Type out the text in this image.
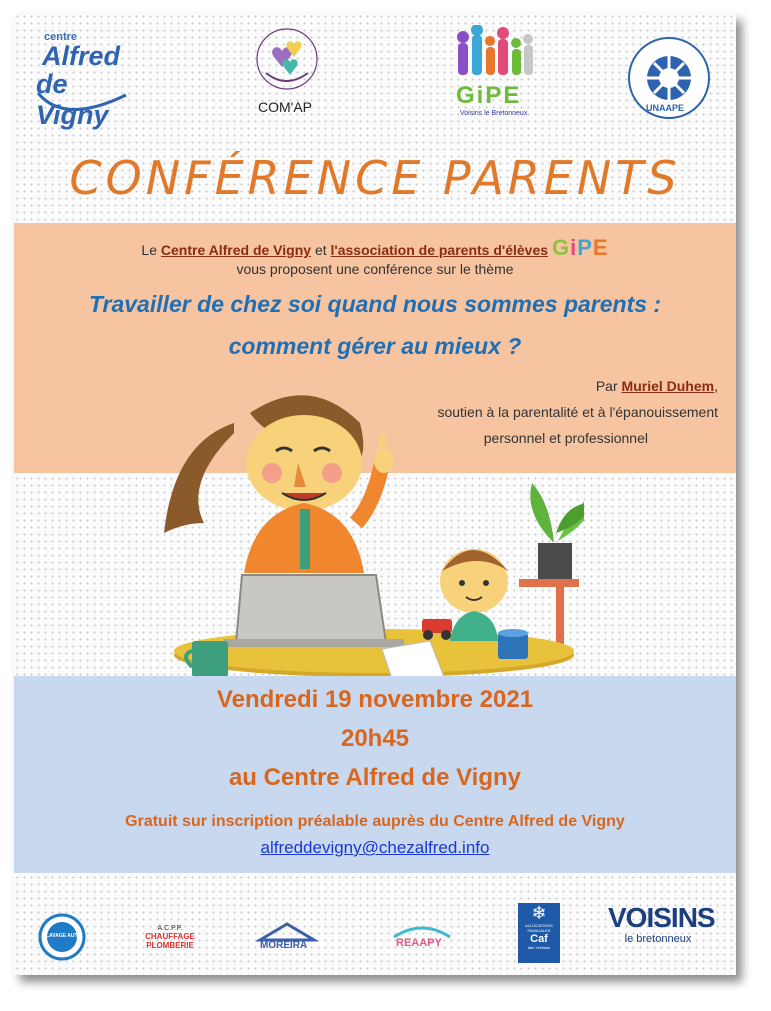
centre
Alfred
de Vigny	COM'AP	GiPE
Voisins le Bretonneux
UNAAPE
CONFÉRENCE PARENTS
Le Centre Alfred de Vigny et l'association de parents d'élèves GiPE
vous proposent une conférence sur le thème
Travailler de chez soi quand nous sommes parents :
comment gérer au mieux ?
Par Muriel Duhem,
soutien à la parentalité et à l'épanouissement
personnel et professionnel
Vendredi 19 novembre 2021
20h45
au Centre Alfred de Vigny
Gratuit sur inscription préalable auprès du Centre Alfred de Vigny
alfreddevigny@chezalfred.info
LAVAGE AUTO
A.C.P.P.
CHAUFFAGE PLOMBERIE	MOREIRA	REAAPY
❄
ALLOCATIONS FAMILIALES
Caf
des Yvelines
VOISINS
le bretonneux
